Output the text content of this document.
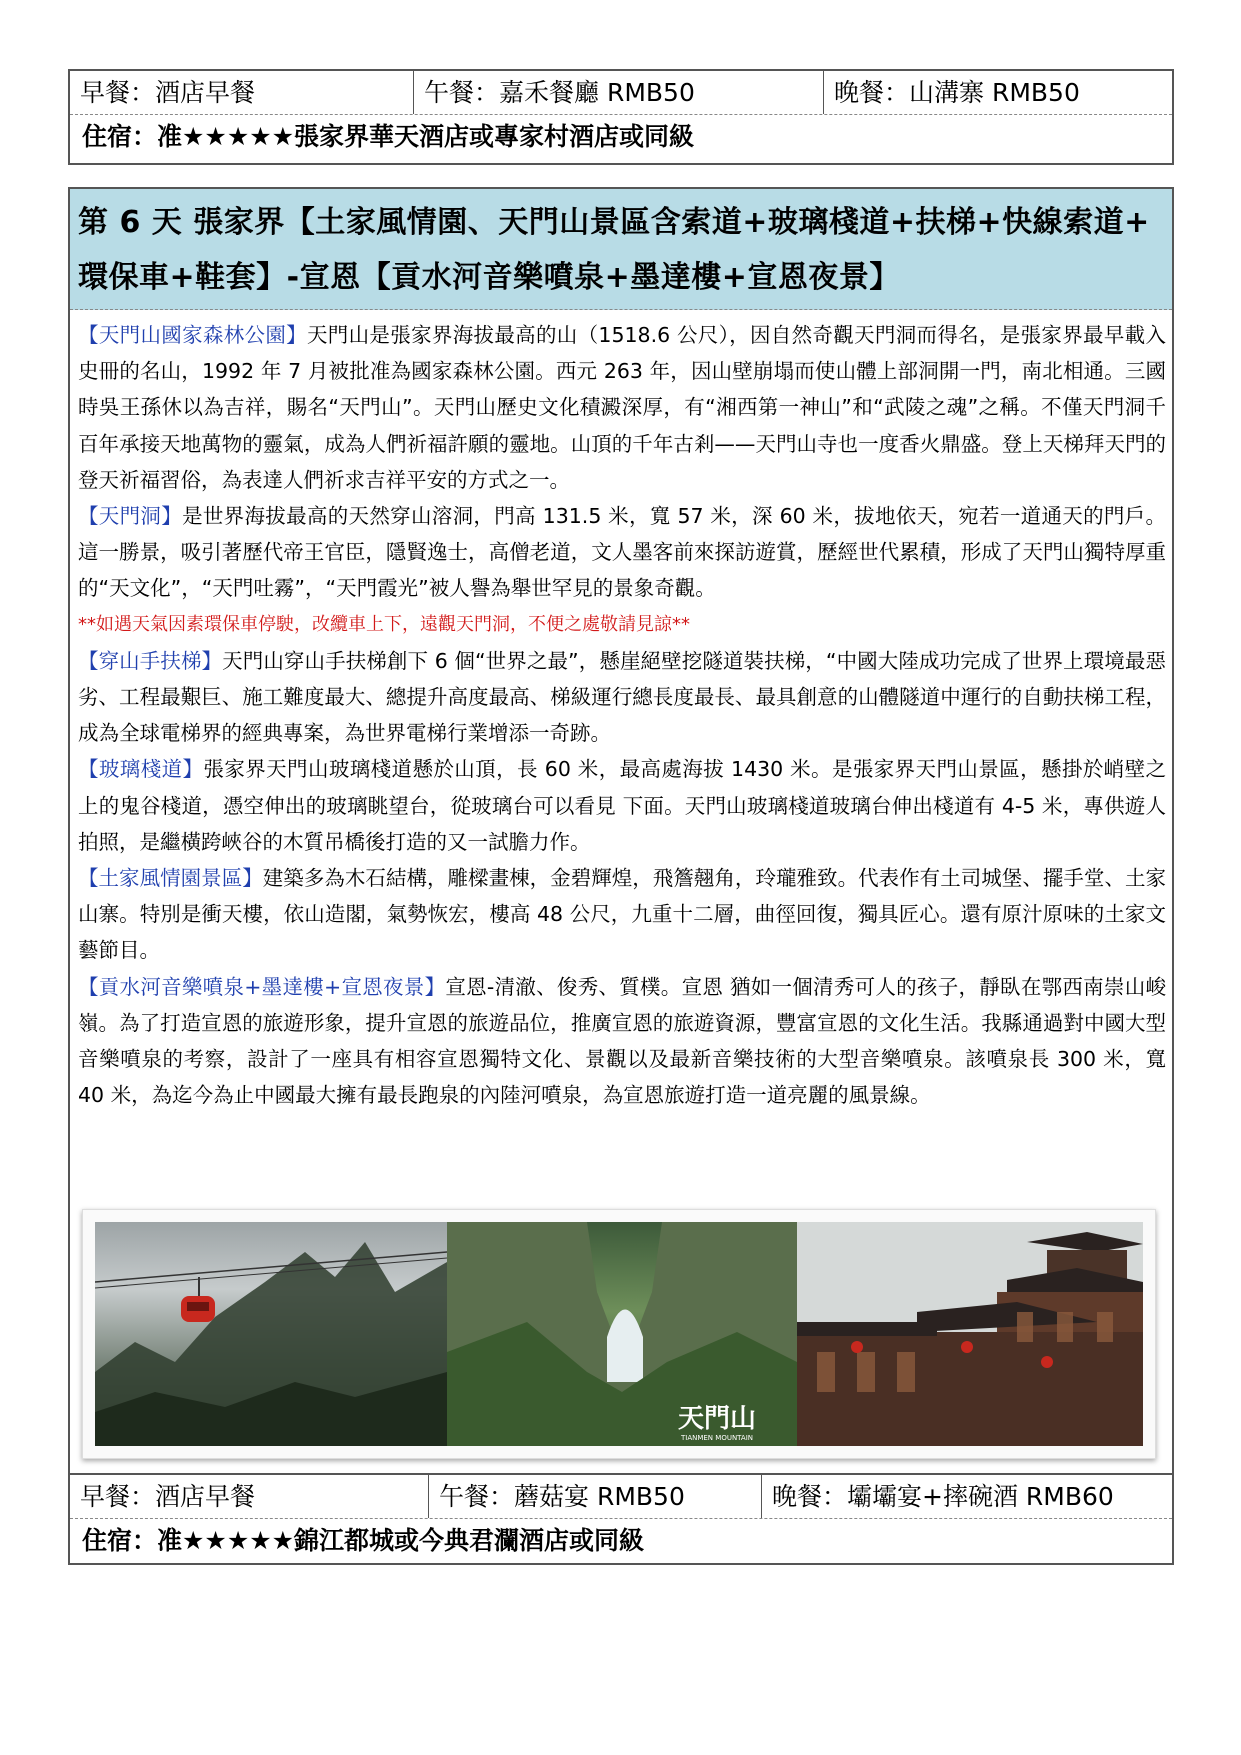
早餐：酒店早餐	午餐：嘉禾餐廳 RMB50	晚餐：山溝寨 RMB50
住宿：准★★★★★張家界華天酒店或專家村酒店或同級
第 6 天 張家界【土家風情園、天門山景區含索道+玻璃棧道+扶梯+快線索道+
環保車+鞋套】-宣恩【貢水河音樂噴泉+墨達樓+宣恩夜景】

【天門山國家森林公園】天門山是張家界海拔最高的山（1518.6 公尺），因自然奇觀天門洞而得名，是張家界最早載入史冊的名山，1992 年 7 月被批准為國家森林公園。西元 263 年，因山壁崩塌而使山體上部洞開一門，南北相通。三國時吳王孫休以為吉祥，賜名“天門山”。天門山歷史文化積澱深厚，有“湘西第一神山”和“武陵之魂”之稱。不僅天門洞千百年承接天地萬物的靈氣，成為人們祈福許願的靈地。山頂的千年古剎——天門山寺也一度香火鼎盛。登上天梯拜天門的登天祈福習俗，為表達人們祈求吉祥平安的方式之一。

【天門洞】是世界海拔最高的天然穿山溶洞，門高 131.5 米，寬 57 米，深 60 米，拔地依天，宛若一道通天的門戶。這一勝景，吸引著歷代帝王官臣，隱賢逸士，高僧老道，文人墨客前來探訪遊賞，歷經世代累積，形成了天門山獨特厚重的“天文化”，“天門吐霧”，“天門霞光”被人譽為舉世罕見的景象奇觀。

**如遇天氣因素環保車停駛，改纜車上下，遠觀天門洞，不便之處敬請見諒**

【穿山手扶梯】天門山穿山手扶梯創下 6 個“世界之最”，懸崖絕壁挖隧道裝扶梯，“中國大陸成功完成了世界上環境最惡劣、工程最艱巨、施工難度最大、總提升高度最高、梯級運行總長度最長、最具創意的山體隧道中運行的自動扶梯工程，成為全球電梯界的經典專案，為世界電梯行業增添一奇跡。

【玻璃棧道】張家界天門山玻璃棧道懸於山頂，長 60 米，最高處海拔 1430 米。是張家界天門山景區，懸掛於峭壁之上的鬼谷棧道，憑空伸出的玻璃眺望台，從玻璃台可以看見 下面。天門山玻璃棧道玻璃台伸出棧道有 4-5 米，專供遊人拍照，是繼橫跨峽谷的木質吊橋後打造的又一試膽力作。

【土家風情園景區】建築多為木石結構，雕樑畫棟，金碧輝煌，飛簷翹角，玲瓏雅致。代表作有土司城堡、擺手堂、土家山寨。特別是衝天樓，依山造閣，氣勢恢宏，樓高 48 公尺，九重十二層，曲徑回復，獨具匠心。還有原汁原味的土家文藝節目。

【貢水河音樂噴泉+墨達樓+宣恩夜景】宣恩-清澈、俊秀、質樸。宣恩 猶如一個清秀可人的孩子，靜臥在鄂西南崇山峻嶺。為了打造宣恩的旅遊形象，提升宣恩的旅遊品位，推廣宣恩的旅遊資源，豐富宣恩的文化生活。我縣通過對中國大型音樂噴泉的考察，設計了一座具有相容宣恩獨特文化、景觀以及最新音樂技術的大型音樂噴泉。該噴泉長 300 米，寬 40 米，為迄今為止中國最大擁有最長跑泉的內陸河噴泉，為宣恩旅遊打造一道亮麗的風景線。

天門山
TIANMEN MOUNTAIN
早餐：酒店早餐	午餐：蘑菇宴 RMB50	晚餐：壩壩宴+摔碗酒 RMB60
住宿：准★★★★★錦江都城或今典君瀾酒店或同級
